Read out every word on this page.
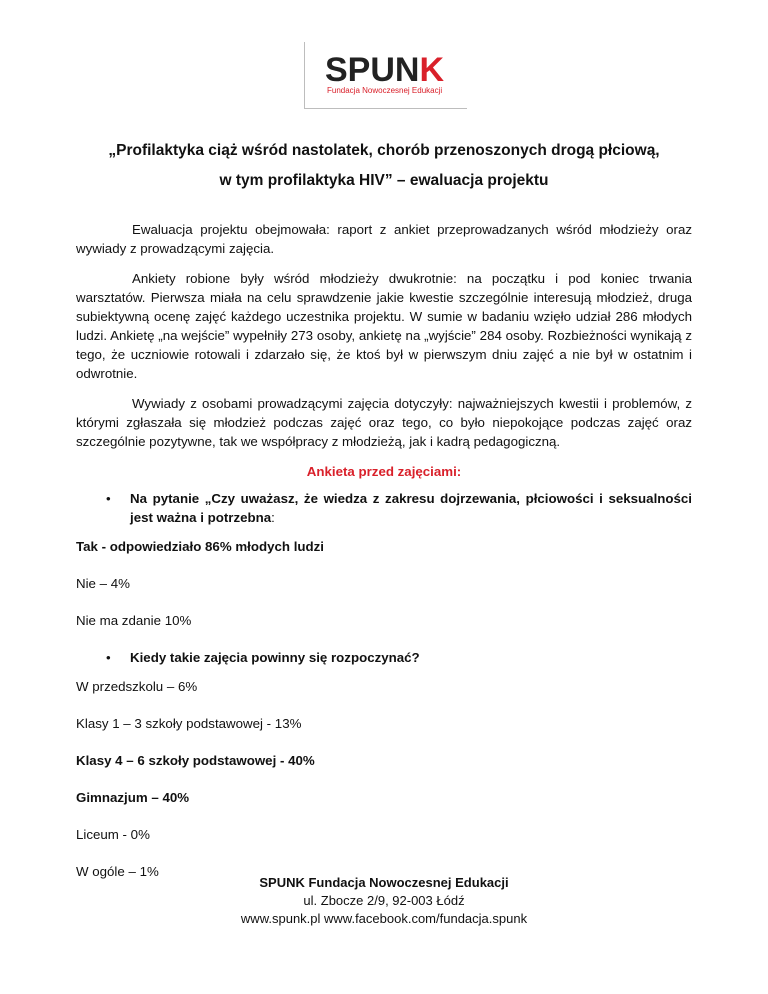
SPUNK
Fundacja Nowoczesnej Edukacji
„Profilaktyka ciąż wśród nastolatek, chorób przenoszonych drogą płciową,
w tym profilaktyka HIV” – ewaluacja projektu

Ewaluacja projektu obejmowała: raport z ankiet przeprowadzanych wśród młodzieży oraz wywiady z prowadzącymi zajęcia.

Ankiety robione były wśród młodzieży dwukrotnie: na początku i pod koniec trwania warsztatów. Pierwsza miała na celu sprawdzenie jakie kwestie szczególnie interesują młodzież, druga subiektywną ocenę zajęć każdego uczestnika projektu. W sumie w badaniu wzięło udział 286 młodych ludzi. Ankietę „na wejście” wypełniły 273 osoby, ankietę na „wyjście” 284 osoby. Rozbieżności wynikają z tego, że uczniowie rotowali i zdarzało się, że ktoś był w pierwszym dniu zajęć a nie był w ostatnim i odwrotnie.

Wywiady z osobami prowadzącymi zajęcia dotyczyły: najważniejszych kwestii i problemów, z którymi zgłaszała się młodzież podczas zajęć oraz tego, co było niepokojące podczas zajęć oraz szczególnie pozytywne, tak we współpracy z młodzieżą, jak i kadrą pedagogiczną.

Ankieta przed zajęciami:

•	Na pytanie „Czy uważasz, że wiedza z zakresu dojrzewania, płciowości i seksualności jest ważna i potrzebna:

Tak - odpowiedziało 86% młodych ludzi

Nie – 4%

Nie ma zdanie 10%

•	Kiedy takie zajęcia powinny się rozpoczynać?

W przedszkolu – 6%

Klasy 1 – 3 szkoły podstawowej - 13%

Klasy 4 – 6 szkoły podstawowej - 40%

Gimnazjum – 40%

Liceum - 0%

W ogóle – 1%

SPUNK Fundacja Nowoczesnej Edukacji
ul. Zbocze 2/9, 92-003 Łódź
www.spunk.pl www.facebook.com/fundacja.spunk
